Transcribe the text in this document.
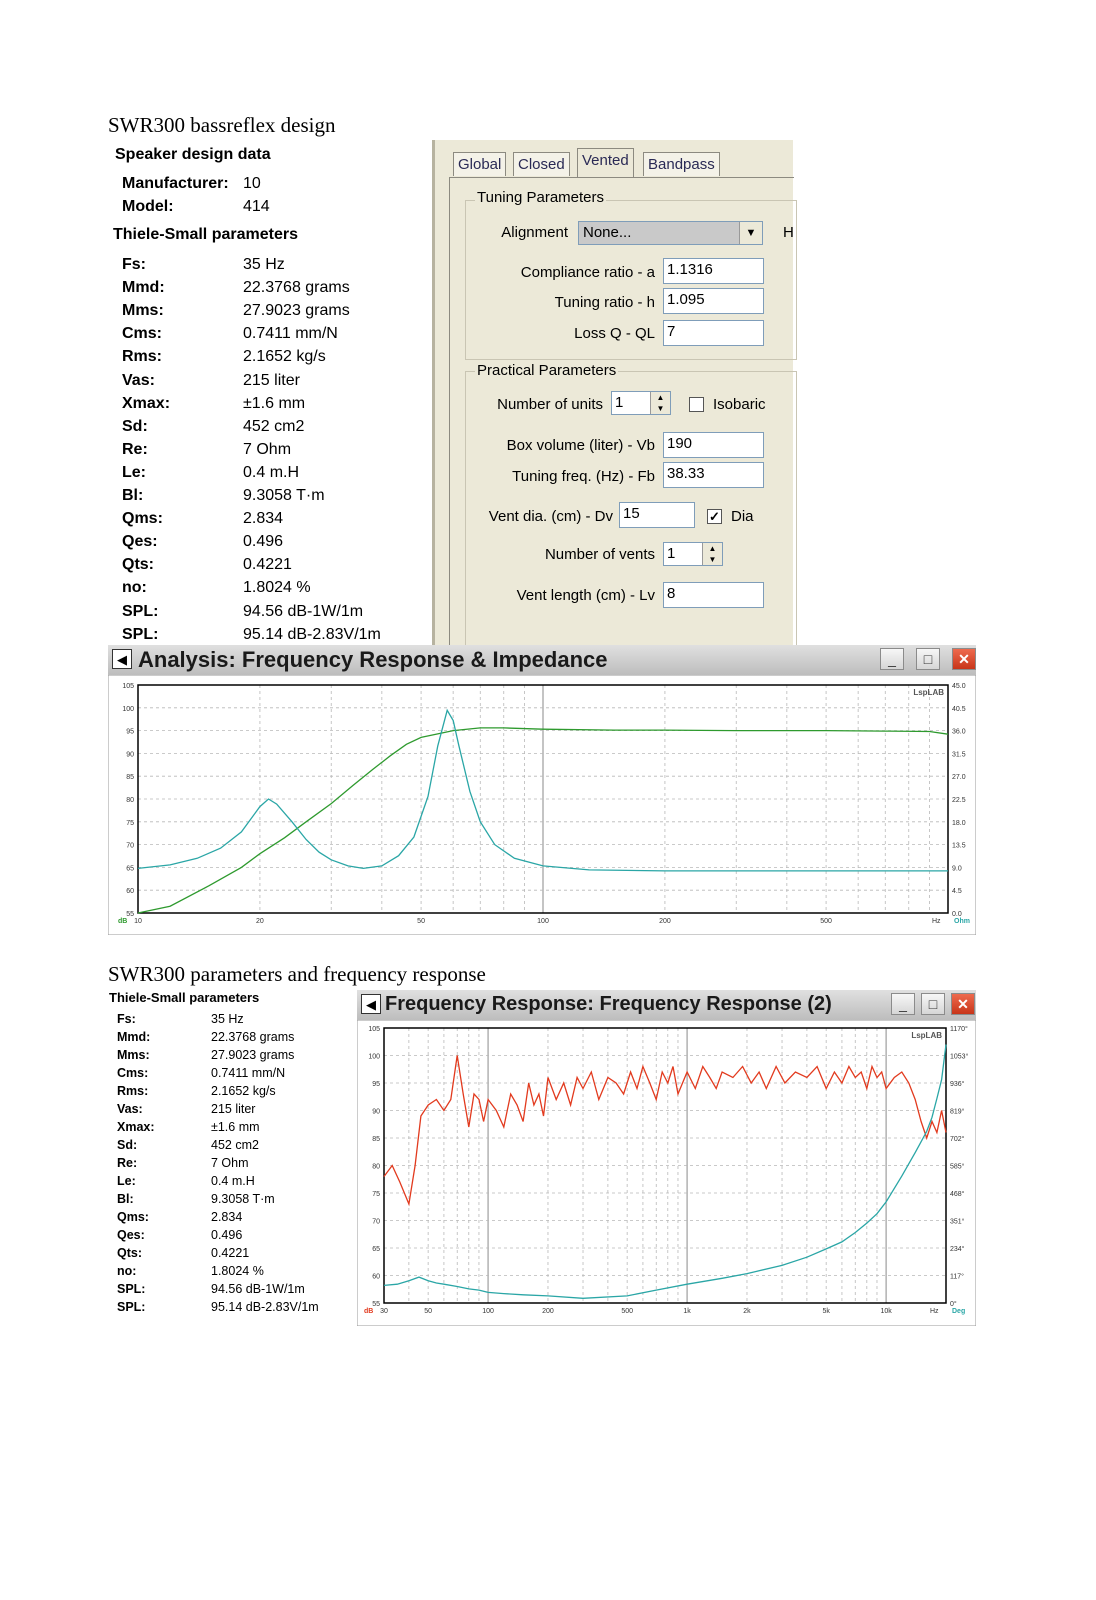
SWR300 bassreflex design
Speaker design data
Manufacturer: 10
Model:	414
Thiele-Small parameters
Fs:	35 Hz
Mmd:	22.3768 grams
Mms:	27.9023 grams
Cms:	0.7411 mm/N
Rms:	2.1652 kg/s
Vas:	215 liter
Xmax:	±1.6 mm
Sd:	452 cm2
Re:	7 Ohm
Le:	0.4 m.H
Bl:	9.3058 T·m
Qms:	2.834
Qes:	0.496
Qts:	0.4221
no:	1.8024 %
SPL:	94.56 dB-1W/1m
SPL:	95.14 dB-2.83V/1m
Global	Closed	Vented	Bandpass
Tuning Parameters
Alignment	None...	▼	H
Compliance ratio - a 1.1316
Tuning ratio - h 1.095
Loss Q - QL 7
Practical Parameters
Number of units 1	▲
▼	Isobaric
Box volume (liter) - Vb 190
Tuning freq. (Hz) - Fb 38.33
Vent dia. (cm) - Dv 15	✓ Dia
Number of vents 1	▲
▼
Vent length (cm) - Lv 8
◀ Analysis: Frequency Response & Impedance	_	□	✕
55
60
65
70
75
80
85
90
95
100
105
0.0
4.5
9.0
13.5
18.0
22.5
27.0
31.5
36.0
40.5
45.0
10	20	50	100	200	500
dB	Hz Ohm
LspLAB
SWR300 parameters and frequency response
Thiele-Small parameters
Fs:	35 Hz
Mmd:	22.3768 grams
Mms:	27.9023 grams
Cms:	0.7411 mm/N
Rms:	2.1652 kg/s
Vas:	215 liter
Xmax:	±1.6 mm
Sd:	452 cm2
Re:	7 Ohm
Le:	0.4 m.H
Bl:	9.3058 T·m
Qms:	2.834
Qes:	0.496
Qts:	0.4221
no:	1.8024 %
SPL:	94.56 dB-1W/1m
SPL:	95.14 dB-2.83V/1m
◀ Frequency Response: Frequency Response (2)	_	□	✕
55
60
65
70
75
80
85
90
95
100
105
0°
117°
234°
351°
468°
585°
702°
819°
936°
1053°
1170°
30	50	100	200	500	1k	2k	5k	10k
dB	Hz Deg
LspLAB
